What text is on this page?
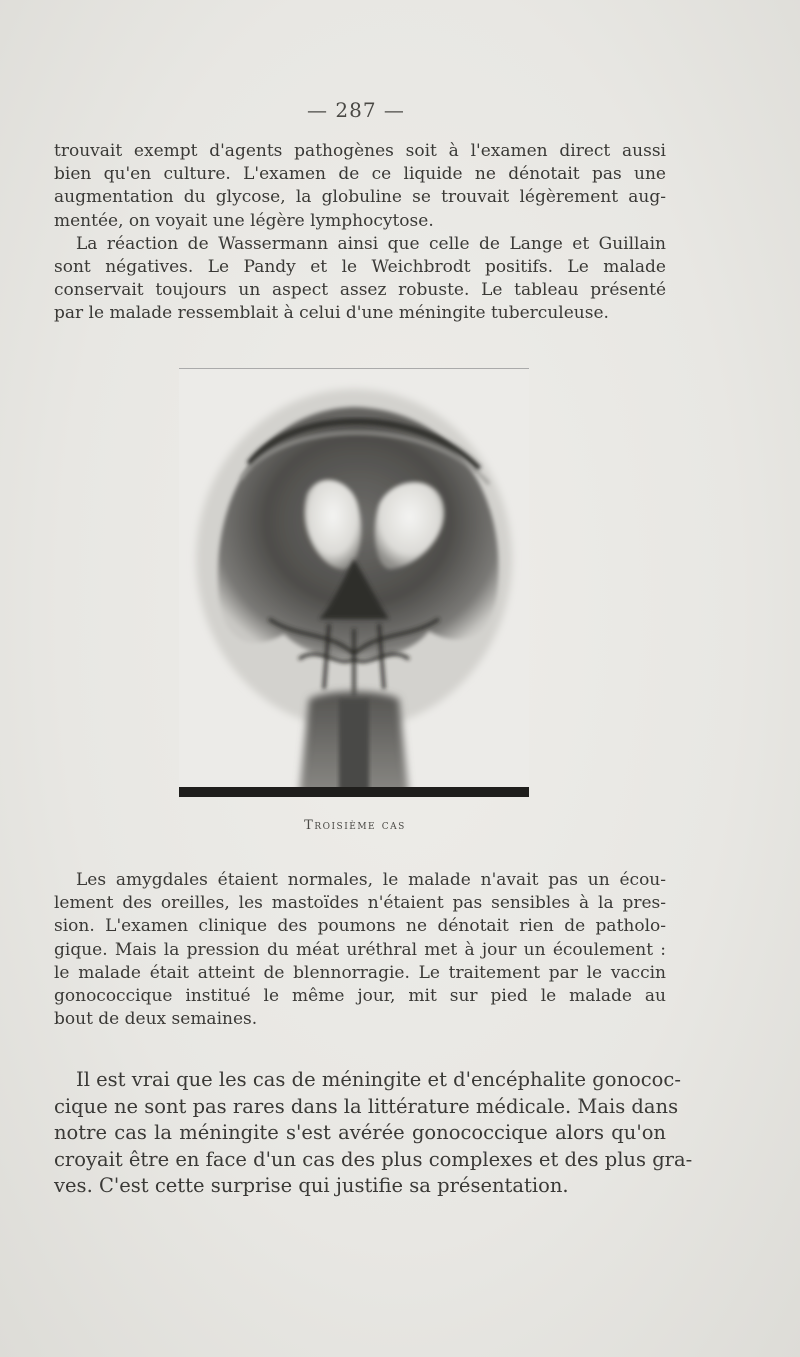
— 287 —

trouvait exempt d'agents pathogènes soit à l'examen direct aussi
bien qu'en culture. L'examen de ce liquide ne dénotait pas une
augmentation du glycose, la globuline se trouvait légèrement aug-
mentée, on voyait une légère lymphocytose.
La réaction de Wassermann ainsi que celle de Lange et Guillain
sont négatives. Le Pandy et le Weichbrodt positifs. Le malade
conservait toujours un aspect assez robuste. Le tableau présenté
par le malade ressemblait à celui d'une méningite tuberculeuse.

Troisième cas

Les amygdales étaient normales, le malade n'avait pas un écou-
lement des oreilles, les mastoïdes n'étaient pas sensibles à la pres-
sion. L'examen clinique des poumons ne dénotait rien de patholo-
gique. Mais la pression du méat uréthral met à jour un écoulement :
le malade était atteint de blennorragie. Le traitement par le vaccin
gonococcique institué le même jour, mit sur pied le malade au
bout de deux semaines.

Il est vrai que les cas de méningite et d'encéphalite gonococ-
cique ne sont pas rares dans la littérature médicale. Mais dans
notre cas la méningite s'est avérée gonococcique alors qu'on
croyait être en face d'un cas des plus complexes et des plus gra-
ves. C'est cette surprise qui justifie sa présentation.
